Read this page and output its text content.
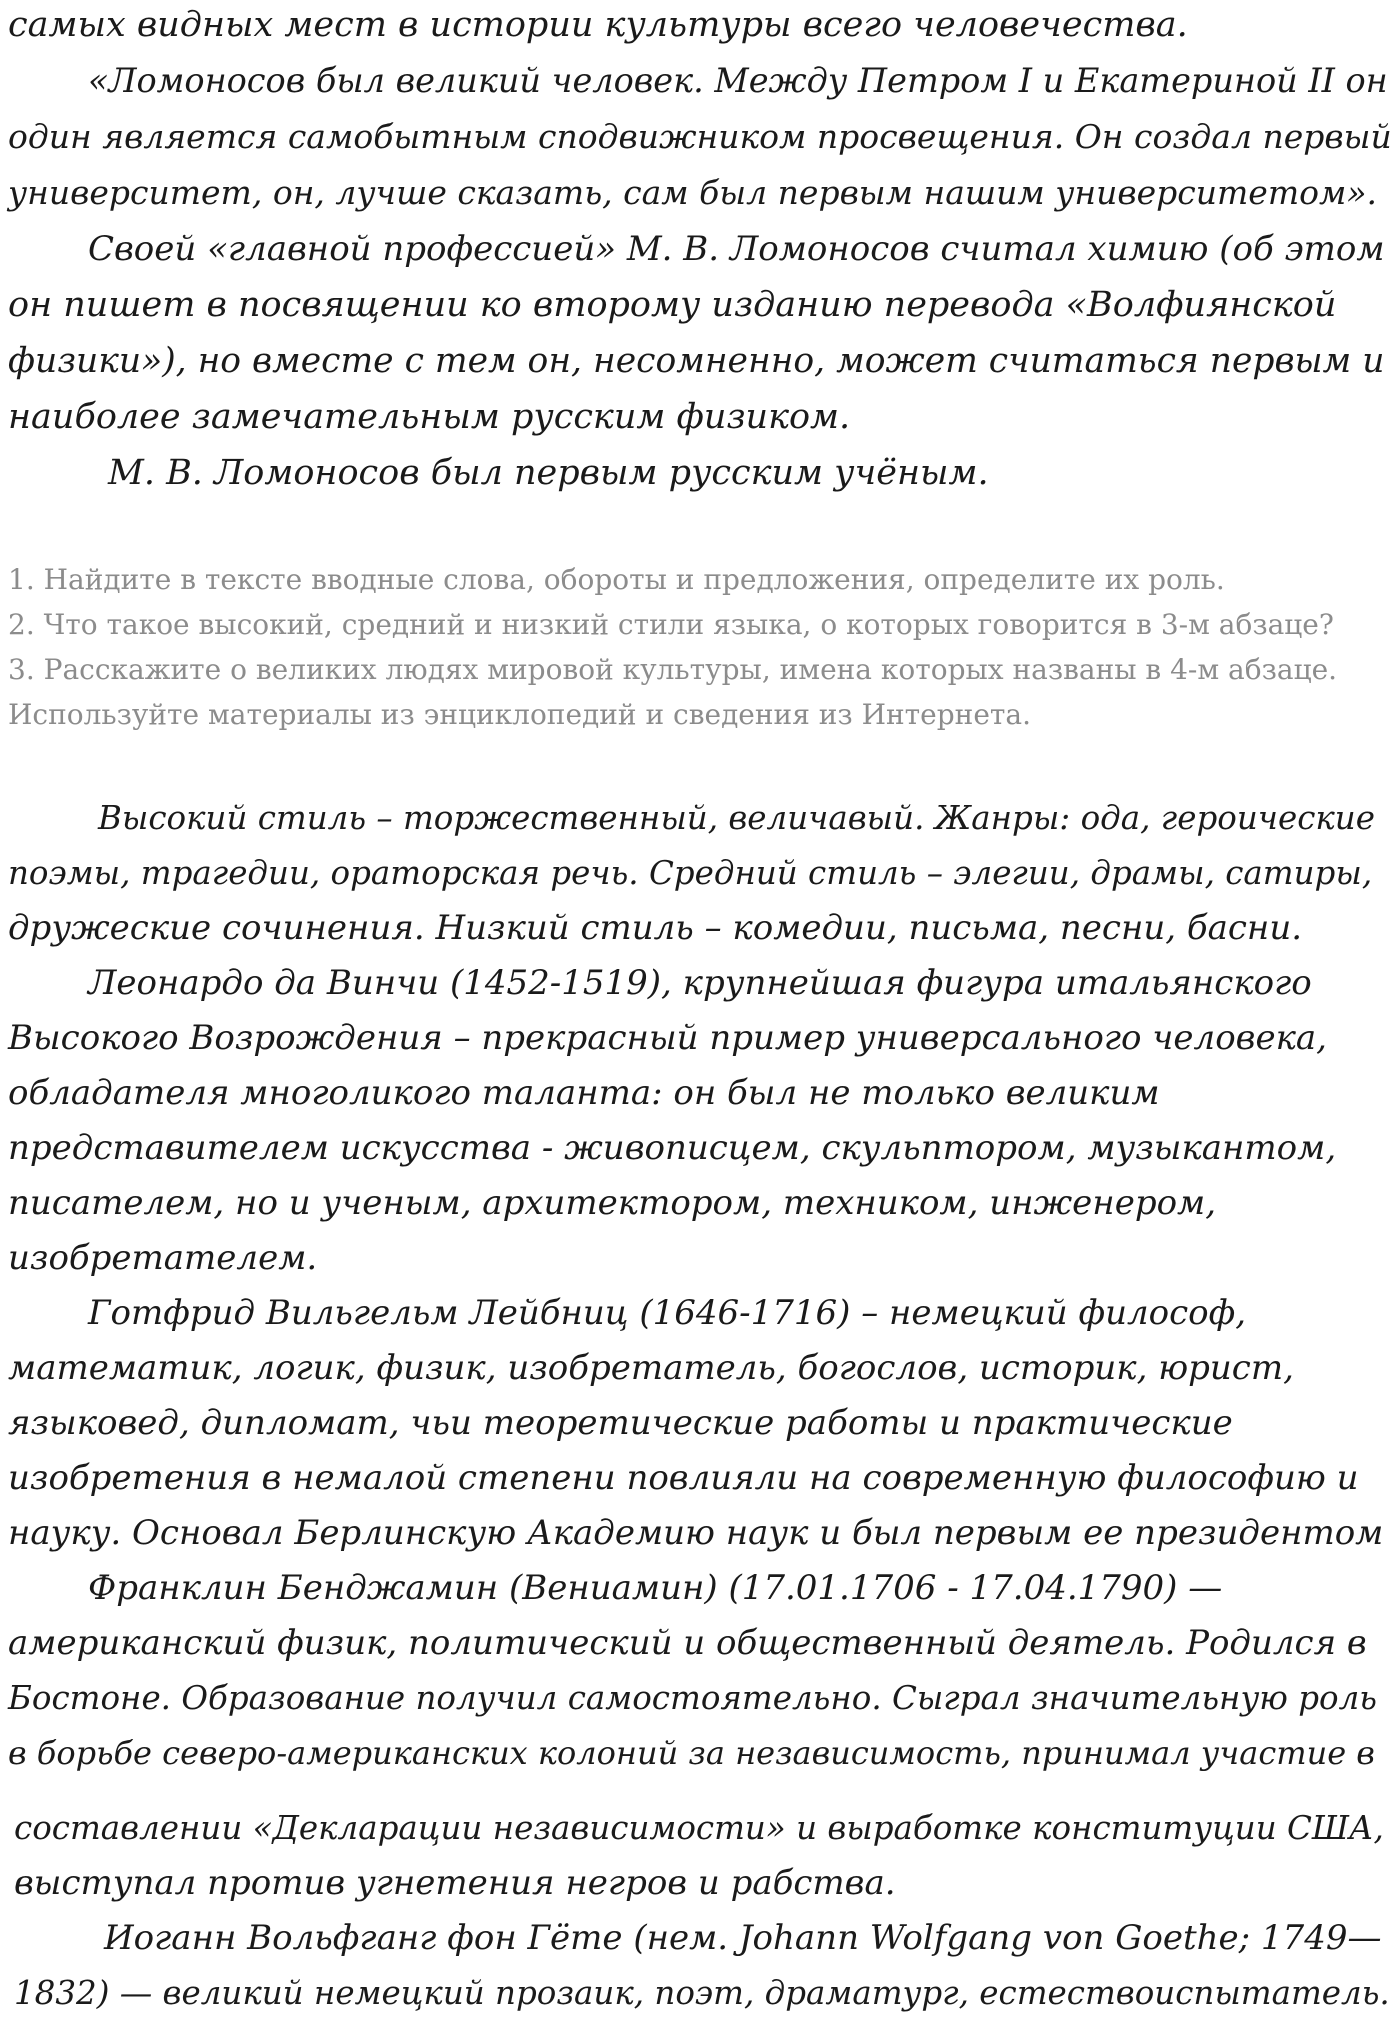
самых видных мест в истории культуры всего человечества.
«Ломоносов был великий человек. Между Петром I и Екатериной II он
один является самобытным сподвижником просвещения. Он создал первый
университет, он, лучше сказать, сам был первым нашим университетом».
Своей «главной профессией» М. В. Ломоносов считал химию (об этом
он пишет в посвящении ко второму изданию перевода «Волфиянской
физики»), но вместе с тем он, несомненно, может считаться первым и
наиболее замечательным русским физиком.
М. В. Ломоносов был первым русским учёным.
1. Найдите в тексте вводные слова, обороты и предложения, определите их роль.
2. Что такое высокий, средний и низкий стили языка, о которых говорится в 3-м абзаце?
3. Расскажите о великих людях мировой культуры, имена которых названы в 4-м абзаце.
Используйте материалы из энциклопедий и сведения из Интернета.
Высокий стиль – торжественный, величавый. Жанры: ода, героические
поэмы, трагедии, ораторская речь. Средний стиль – элегии, драмы, сатиры,
дружеские сочинения. Низкий стиль – комедии, письма, песни, басни.
Леонардо да Винчи (1452-1519), крупнейшая фигура итальянского
Высокого Возрождения – прекрасный пример универсального человека,
обладателя многоликого таланта: он был не только великим
представителем искусства - живописцем, скульптором, музыкантом,
писателем, но и ученым, архитектором, техником, инженером,
изобретателем.
Готфрид Вильгельм Лейбниц (1646-1716) – немецкий философ,
математик, логик, физик, изобретатель, богослов, историк, юрист,
языковед, дипломат, чьи теоретические работы и практические
изобретения в немалой степени повлияли на современную философию и
науку. Основал Берлинскую Академию наук и был первым ее президентом
Франклин Бенджамин (Вениамин) (17.01.1706 - 17.04.1790) —
американский физик, политический и общественный деятель. Родился в
Бостоне. Образование получил самостоятельно. Сыграл значительную роль
в борьбе северо-американских колоний за независимость, принимал участие в
составлении «Декларации независимости» и выработке конституции США,
выступал против угнетения негров и рабства.
Иоганн Вольфганг фон Гёте (нем. Johann Wolfgang von Goethe; 1749—
1832) — великий немецкий прозаик, поэт, драматург, естествоиспытатель.
